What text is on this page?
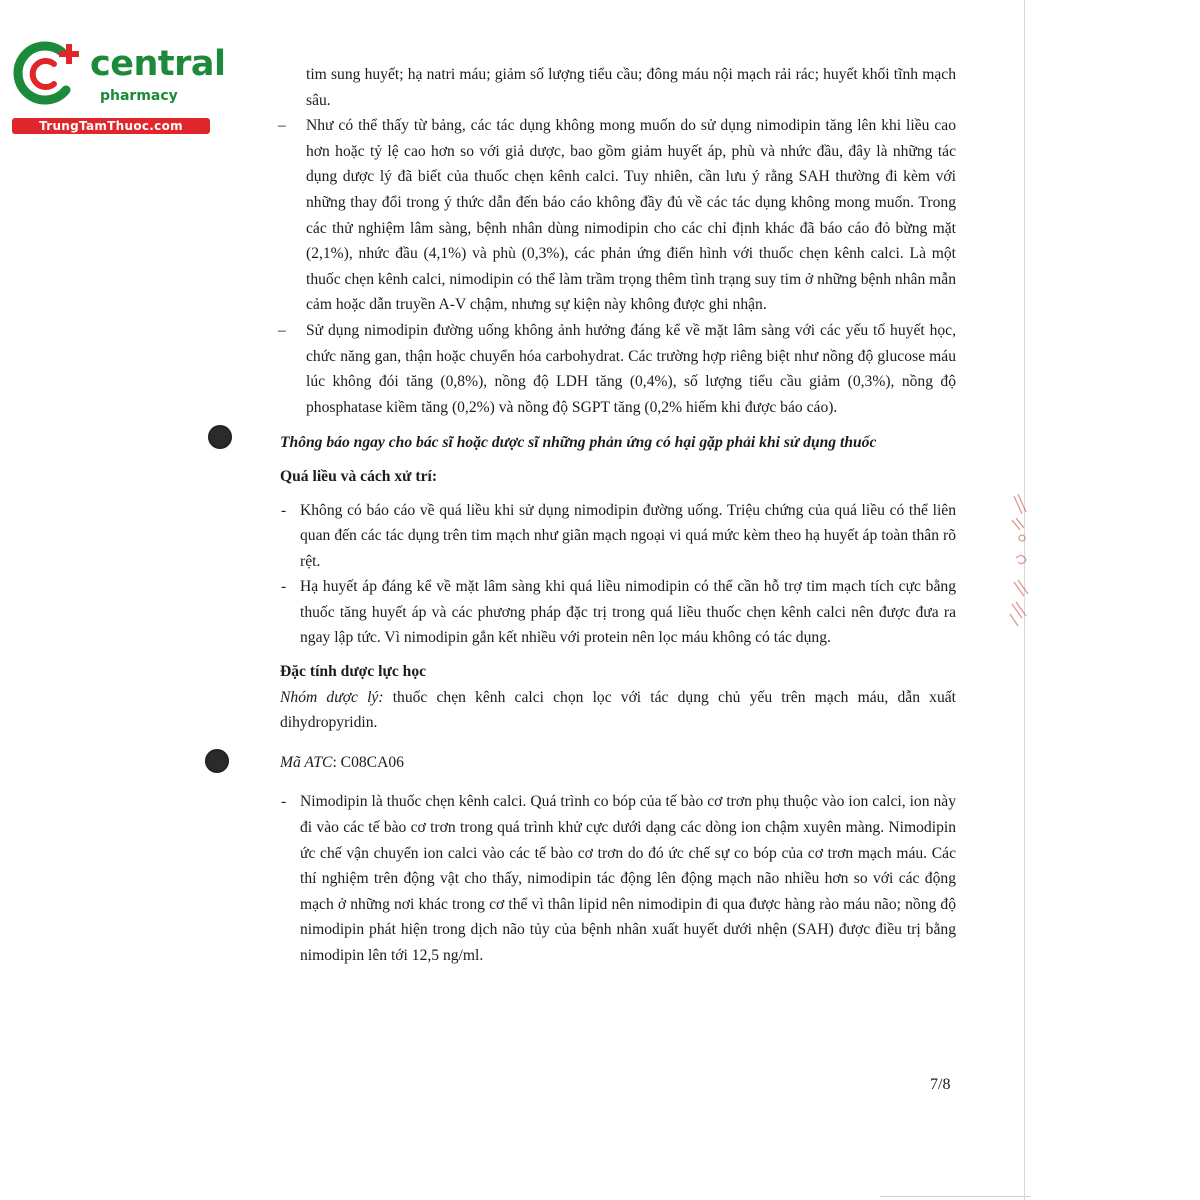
central
pharmacy
TrungTamThuoc.com

tim sung huyết; hạ natri máu; giảm số lượng tiểu cầu; đông máu nội mạch rải rác; huyết khối tĩnh mạch sâu.

– Như có thể thấy từ bảng, các tác dụng không mong muốn do sử dụng nimodipin tăng lên khi liều cao hơn hoặc tỷ lệ cao hơn so với giả dược, bao gồm giảm huyết áp, phù và nhức đầu, đây là những tác dụng dược lý đã biết của thuốc chẹn kênh calci. Tuy nhiên, cần lưu ý rằng SAH thường đi kèm với những thay đổi trong ý thức dẫn đến báo cáo không đầy đủ về các tác dụng không mong muốn. Trong các thử nghiệm lâm sàng, bệnh nhân dùng nimodipin cho các chỉ định khác đã báo cáo đỏ bừng mặt (2,1%), nhức đầu (4,1%) và phù (0,3%), các phản ứng điển hình với thuốc chẹn kênh calci. Là một thuốc chẹn kênh calci, nimodipin có thể làm trầm trọng thêm tình trạng suy tim ở những bệnh nhân mẫn cảm hoặc dẫn truyền A-V chậm, nhưng sự kiện này không được ghi nhận.

– Sử dụng nimodipin đường uống không ảnh hưởng đáng kể về mặt lâm sàng với các yếu tố huyết học, chức năng gan, thận hoặc chuyển hóa carbohydrat. Các trường hợp riêng biệt như nồng độ glucose máu lúc không đói tăng (0,8%), nồng độ LDH tăng (0,4%), số lượng tiểu cầu giảm (0,3%), nồng độ phosphatase kiềm tăng (0,2%) và nồng độ SGPT tăng (0,2% hiếm khi được báo cáo).

Thông báo ngay cho bác sĩ hoặc dược sĩ những phản ứng có hại gặp phải khi sử dụng thuốc

Quá liều và cách xử trí:

- Không có báo cáo về quá liều khi sử dụng nimodipin đường uống. Triệu chứng của quá liều có thể liên quan đến các tác dụng trên tim mạch như giãn mạch ngoại vi quá mức kèm theo hạ huyết áp toàn thân rõ rệt.

- Hạ huyết áp đáng kể về mặt lâm sàng khi quá liều nimodipin có thể cần hỗ trợ tim mạch tích cực bằng thuốc tăng huyết áp và các phương pháp đặc trị trong quá liều thuốc chẹn kênh calci nên được đưa ra ngay lập tức. Vì nimodipin gắn kết nhiều với protein nên lọc máu không có tác dụng.

Đặc tính dược lực học

Nhóm dược lý: thuốc chẹn kênh calci chọn lọc với tác dụng chủ yếu trên mạch máu, dẫn xuất dihydropyridin.

Mã ATC: C08CA06

- Nimodipin là thuốc chẹn kênh calci. Quá trình co bóp của tế bào cơ trơn phụ thuộc vào ion calci, ion này đi vào các tế bào cơ trơn trong quá trình khử cực dưới dạng các dòng ion chậm xuyên màng. Nimodipin ức chế vận chuyển ion calci vào các tế bào cơ trơn do đó ức chế sự co bóp của cơ trơn mạch máu. Các thí nghiệm trên động vật cho thấy, nimodipin tác động lên động mạch não nhiều hơn so với các động mạch ở những nơi khác trong cơ thể vì thân lipid nên nimodipin đi qua được hàng rào máu não; nồng độ nimodipin phát hiện trong dịch não tủy của bệnh nhân xuất huyết dưới nhện (SAH) được điều trị bằng nimodipin lên tới 12,5 ng/ml.

7/8
